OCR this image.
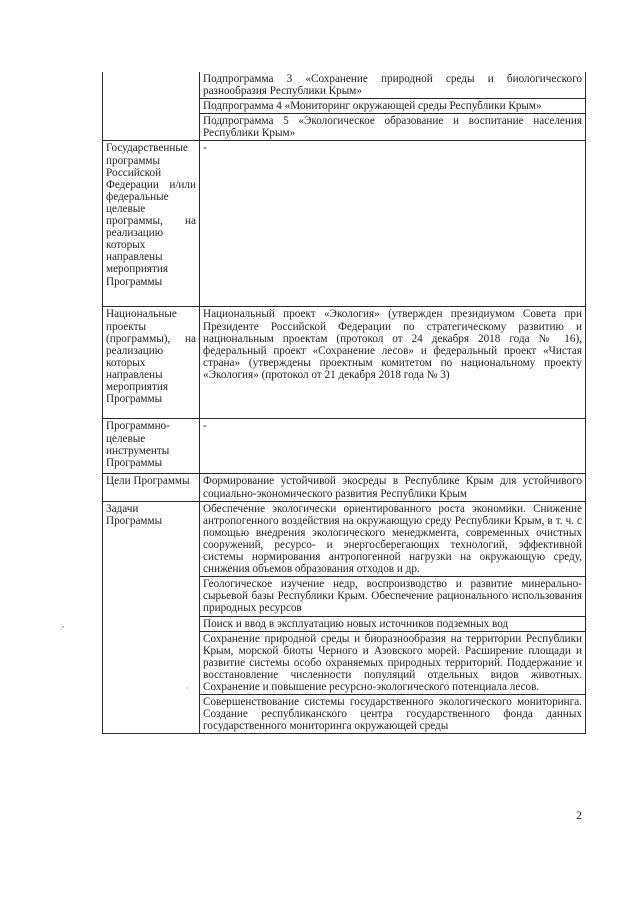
	Подпрограмма 3 «Сохранение природной среды и биологического разнообразия Республики Крым»
Подпрограмма 4 «Мониторинг окружающей среды Республики Крым»
Подпрограмма 5 «Экологическое образование и воспитание населения Республики Крым»

Государственные программы Российской Федерации и/или федеральные целевые программы, на реализацию которых направлены мероприятия Программы	-

Национальные проекты (программы), на реализацию которых направлены мероприятия Программы	Национальный проект «Экология» (утвержден президиумом Совета при Президенте Российской Федерации по стратегическому развитию и национальным проектам (протокол от 24 декабря 2018 года № 16), федеральный проект «Сохранение лесов» и федеральный проект «Чистая страна» (утверждены проектным комитетом по национальному проекту «Экология» (протокол от 21 декабря 2018 года № 3)

Программно-целевые инструменты Программы	-

Цели Программы	Формирование устойчивой экосреды в Республике Крым для устойчивого социально-экономического развития Республики Крым

Задачи Программы	Обеспечение экологически ориентированного роста экономики. Снижение антропогенного воздействия на окружающую среду Республики Крым, в т. ч. с помощью внедрения экологического менеджмента, современных очистных сооружений, ресурсо- и энергосберегающих технологий, эффективной системы нормирования антропогенной нагрузки на окружающую среду, снижения объемов образования отходов и др.
Геологическое изучение недр, воспроизводство и развитие минерально-сырьевой базы Республики Крым. Обеспечение рационального использования природных ресурсов
Поиск и ввод в эксплуатацию новых источников подземных вод
Сохранение природной среды и биоразнообразия на территории Республики Крым, морской биоты Черного и Азовского морей. Расширение площади и развитие системы особо охраняемых природных территорий. Поддержание и восстановление численности популяций отдельных видов животных. Сохранение и повышение ресурсно-экологического потенциала лесов.
Совершенствование системы государственного экологического мониторинга. Создание республиканского центра государственного фонда данных государственного мониторинга окружающей среды
2
